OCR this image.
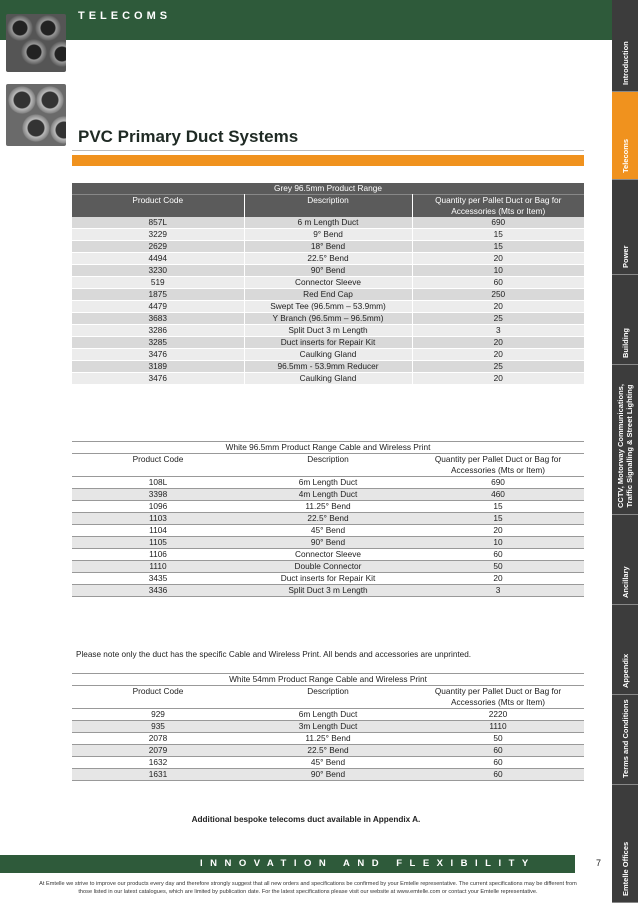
TELECOMS
PVC Primary Duct Systems
Grey 96.5mm Product Range		
Product Code	Description	Quantity per Pallet Duct or Bag for Accessories (Mts or Item)
857L	6 m Length Duct	690
3229	9° Bend	15
2629	18° Bend	15
4494	22.5° Bend	20
3230	90° Bend	10
519	Connector Sleeve	60
1875	Red End Cap	250
4479	Swept Tee (96.5mm – 53.9mm)	20
3683	Y Branch (96.5mm – 96.5mm)	25
3286	Split Duct 3 m Length	3
3285	Duct inserts for Repair Kit	20
3476	Caulking Gland	20
3189	96.5mm - 53.9mm Reducer	25
3476	Caulking Gland	20
White 96.5mm Product Range Cable and Wireless Print		
Product Code	Description	Quantity per Pallet Duct or Bag for Accessories (Mts or Item)
108L	6m Length Duct	690
3398	4m Length Duct	460
1096	11.25° Bend	15
1103	22.5° Bend	15
1104	45° Bend	20
1105	90° Bend	10
1106	Connector Sleeve	60
1110	Double Connector	50
3435	Duct inserts for Repair Kit	20
3436	Split Duct 3 m Length	3
Please note only the duct has the specific Cable and Wireless Print. All bends and accessories are unprinted.
White 54mm Product Range Cable and Wireless Print		
Product Code	Description	Quantity per Pallet Duct or Bag for Accessories (Mts or Item)
929	6m Length Duct	2220
935	3m Length Duct	1110
2078	11.25° Bend	50
2079	22.5° Bend	60
1632	45° Bend	60
1631	90° Bend	60
Additional bespoke telecoms duct available in Appendix A.
INNOVATION AND FLEXIBILITY	7
At Emtelle we strive to improve our products every day and therefore strongly suggest that all new orders and specifications be confirmed by your Emtelle representative. The current specifications may be different from those listed in our latest catalogues, which are limited by publication date. For the latest specifications please visit our website at www.emtelle.com or contact your Emtelle representative.
Introduction
Telecoms
Power
Building
CCTV, Motorway Communications, Traffic Signalling & Street Lighting
Ancillary
Appendix
Terms and Conditions
Emtelle Offices
